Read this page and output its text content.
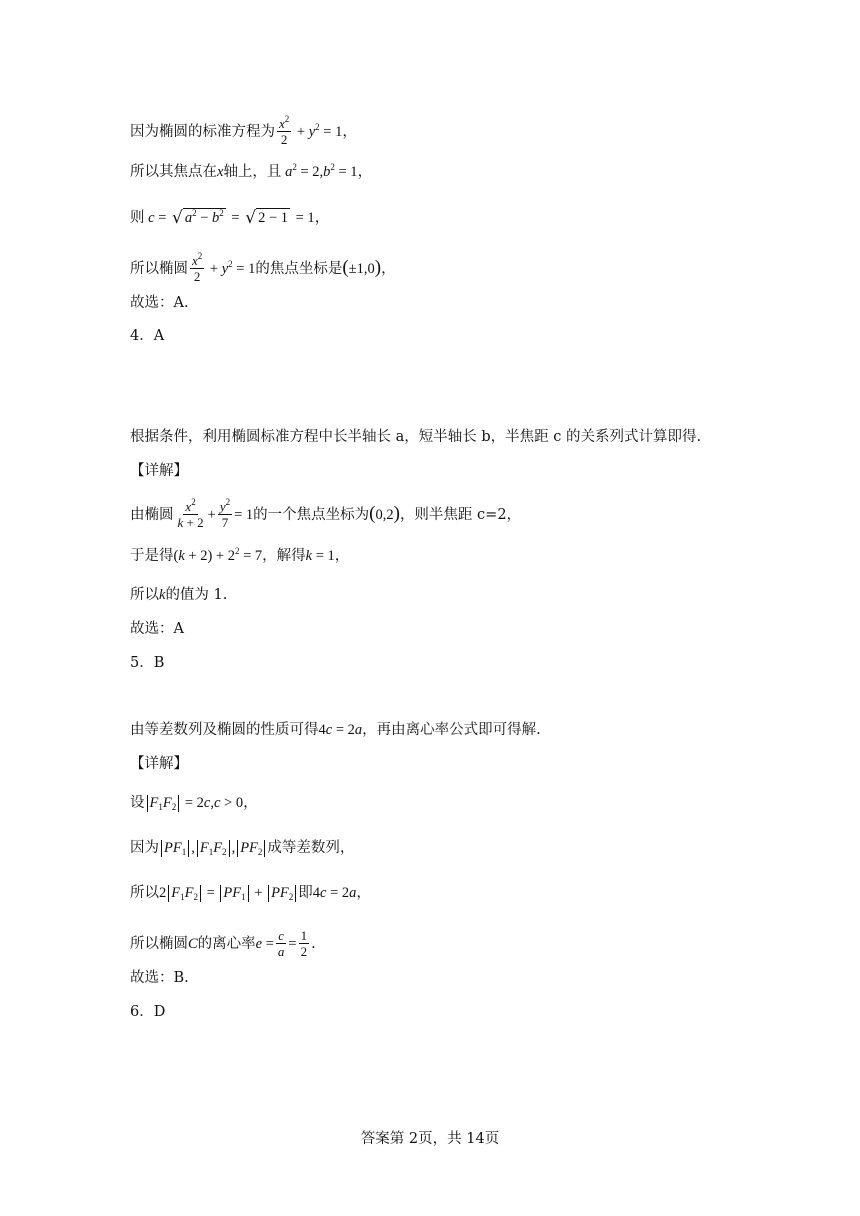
因为椭圆的标准方程为 $\frac{x^2}{2} + y^2 = 1$ ，
所以其焦点在 x 轴上，且 $a^2 = 2,b^2 = 1$ ，
则 c = √ $a^2 - b^2$ = √ 2 − 1 = 1 ，
所以椭圆 $\frac{x^2}{2} + y^2 = 1$ 的焦点坐标是 (±1,0) ，
故选：A.
4．A
根据条件，利用椭圆标准方程中长半轴长 a，短半轴长 b，半焦距 c 的关系列式计算即得.
【详解】
由椭圆 $\frac{x^2}{k + 2} + \frac{y^2}{7} = 1$ 的一个焦点坐标为 (0,2) ，则半焦距 c=2，
于是得 $(k + 2) + 2^2 = 7$ ，解得 k = 1 ，
所以 k 的值为 1.
故选：A
5．B
由等差数列及椭圆的性质可得 4c = 2a ，再由离心率公式即可得解.
【详解】
设 $F_1F_2 = 2c,c > 0$ ，
因为 $PF_1$ , $F_1F_2$ , $PF_2$ 成等差数列，
所以 2 $F_1F_2 = PF_1 + PF_2$ 即 4c = 2a ，
所以椭圆 C 的离心率 $e = \frac{c}{a} = \frac{1}{2}$ .
故选：B.
6．D
答案第 2页，共 14页
